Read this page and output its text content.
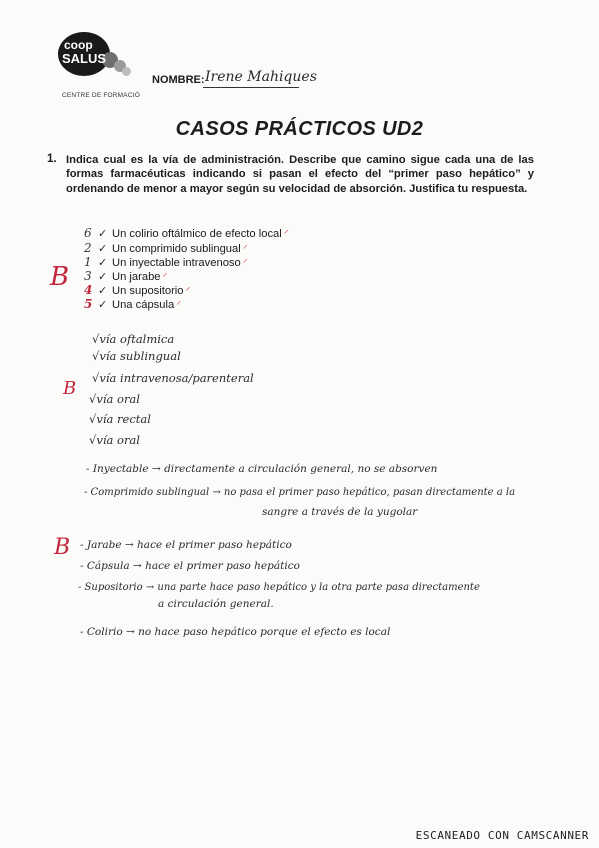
coop
SALUS
CENTRE DE FORMACIÓ
NOMBRE: Irene Mahiques
CASOS PRÁCTICOS UD2
1. Indica cual es la vía de administración. Describe que camino sigue cada una de las formas farmacéuticas indicando si pasan el efecto del “primer paso hepático” y ordenando de menor a mayor según su velocidad de absorción. Justifica tu respuesta.
6 ✓ Un colirio oftálmico de efecto local ⸍
2 ✓ Un comprimido sublingual ⸍
1 ✓ Un inyectable intravenoso ⸍
3 ✓ Un jarabe ⸍
4 ✓ Un supositorio ⸍
5 ✓ Una cápsula ⸍
B
B
B
√vía oftalmica
√vía sublingual
√vía intravenosa/parenteral
√vía oral
√vía rectal
√vía oral
- Inyectable → directamente a circulación general, no se absorven
- Comprimido sublingual → no pasa el primer paso hepático, pasan directamente a la
sangre a través de la yugolar
- Jarabe → hace el primer paso hepático
- Cápsula → hace el primer paso hepático
- Supositorio → una parte hace paso hepático y la otra parte pasa directamente
a circulación general.
- Colirio → no hace paso hepático porque el efecto es local
ESCANEADO CON CAMSCANNER
